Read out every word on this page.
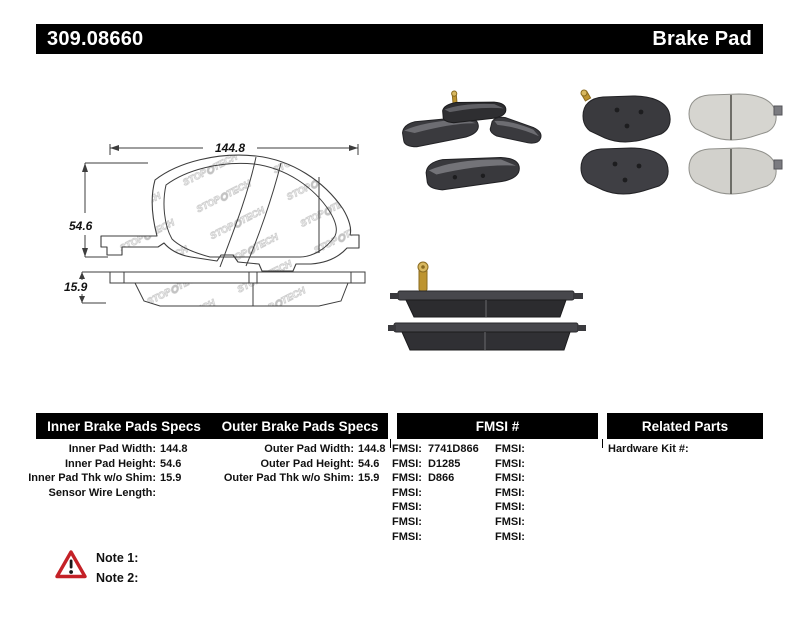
309.08660	Brake Pad
144.8
54.6
15.9
Inner Brake Pads Specs	Outer Brake Pads Specs	FMSI #	Related Parts
Inner Pad Width: 144.8
Inner Pad Height: 54.6
Inner Pad Thk w/o Shim: 15.9
Sensor Wire Length:
Outer Pad Width: 144.8
Outer Pad Height: 54.6
Outer Pad Thk w/o Shim: 15.9
FMSI: 7741D866
FMSI: D1285
FMSI: D866
FMSI:
FMSI:
FMSI:
FMSI:
FMSI:
FMSI:
FMSI:
FMSI:
FMSI:
FMSI:
FMSI:
Hardware Kit #:
Note 1:
Note 2:
